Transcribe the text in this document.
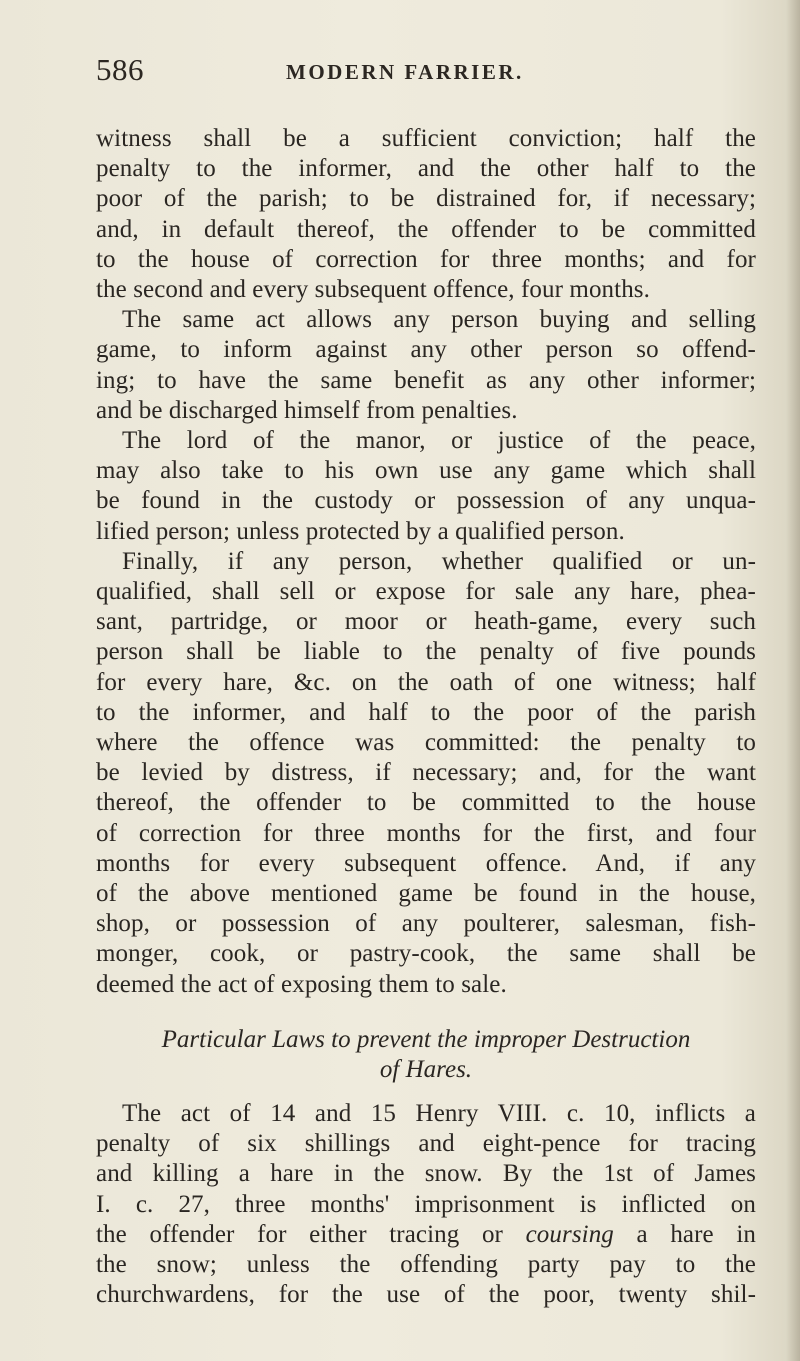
586	MODERN FARRIER.
witness shall be a sufficient conviction; half the
penalty to the informer, and the other half to the
poor of the parish; to be distrained for, if necessary;
and, in default thereof, the offender to be committed
to the house of correction for three months; and for
the second and every subsequent offence, four months.
The same act allows any person buying and selling
game, to inform against any other person so offend-
ing; to have the same benefit as any other informer;
and be discharged himself from penalties.
The lord of the manor, or justice of the peace,
may also take to his own use any game which shall
be found in the custody or possession of any unqua-
lified person; unless protected by a qualified person.
Finally, if any person, whether qualified or un-
qualified, shall sell or expose for sale any hare, phea-
sant, partridge, or moor or heath-game, every such
person shall be liable to the penalty of five pounds
for every hare, &c. on the oath of one witness; half
to the informer, and half to the poor of the parish
where the offence was committed: the penalty to
be levied by distress, if necessary; and, for the want
thereof, the offender to be committed to the house
of correction for three months for the first, and four
months for every subsequent offence. And, if any
of the above mentioned game be found in the house,
shop, or possession of any poulterer, salesman, fish-
monger, cook, or pastry-cook, the same shall be
deemed the act of exposing them to sale.
Particular Laws to prevent the improper Destruction
of Hares.
The act of 14 and 15 Henry VIII. c. 10, inflicts a
penalty of six shillings and eight-pence for tracing
and killing a hare in the snow. By the 1st of James
I. c. 27, three months' imprisonment is inflicted on
the offender for either tracing or coursing a hare in
the snow; unless the offending party pay to the
churchwardens, for the use of the poor, twenty shil-
